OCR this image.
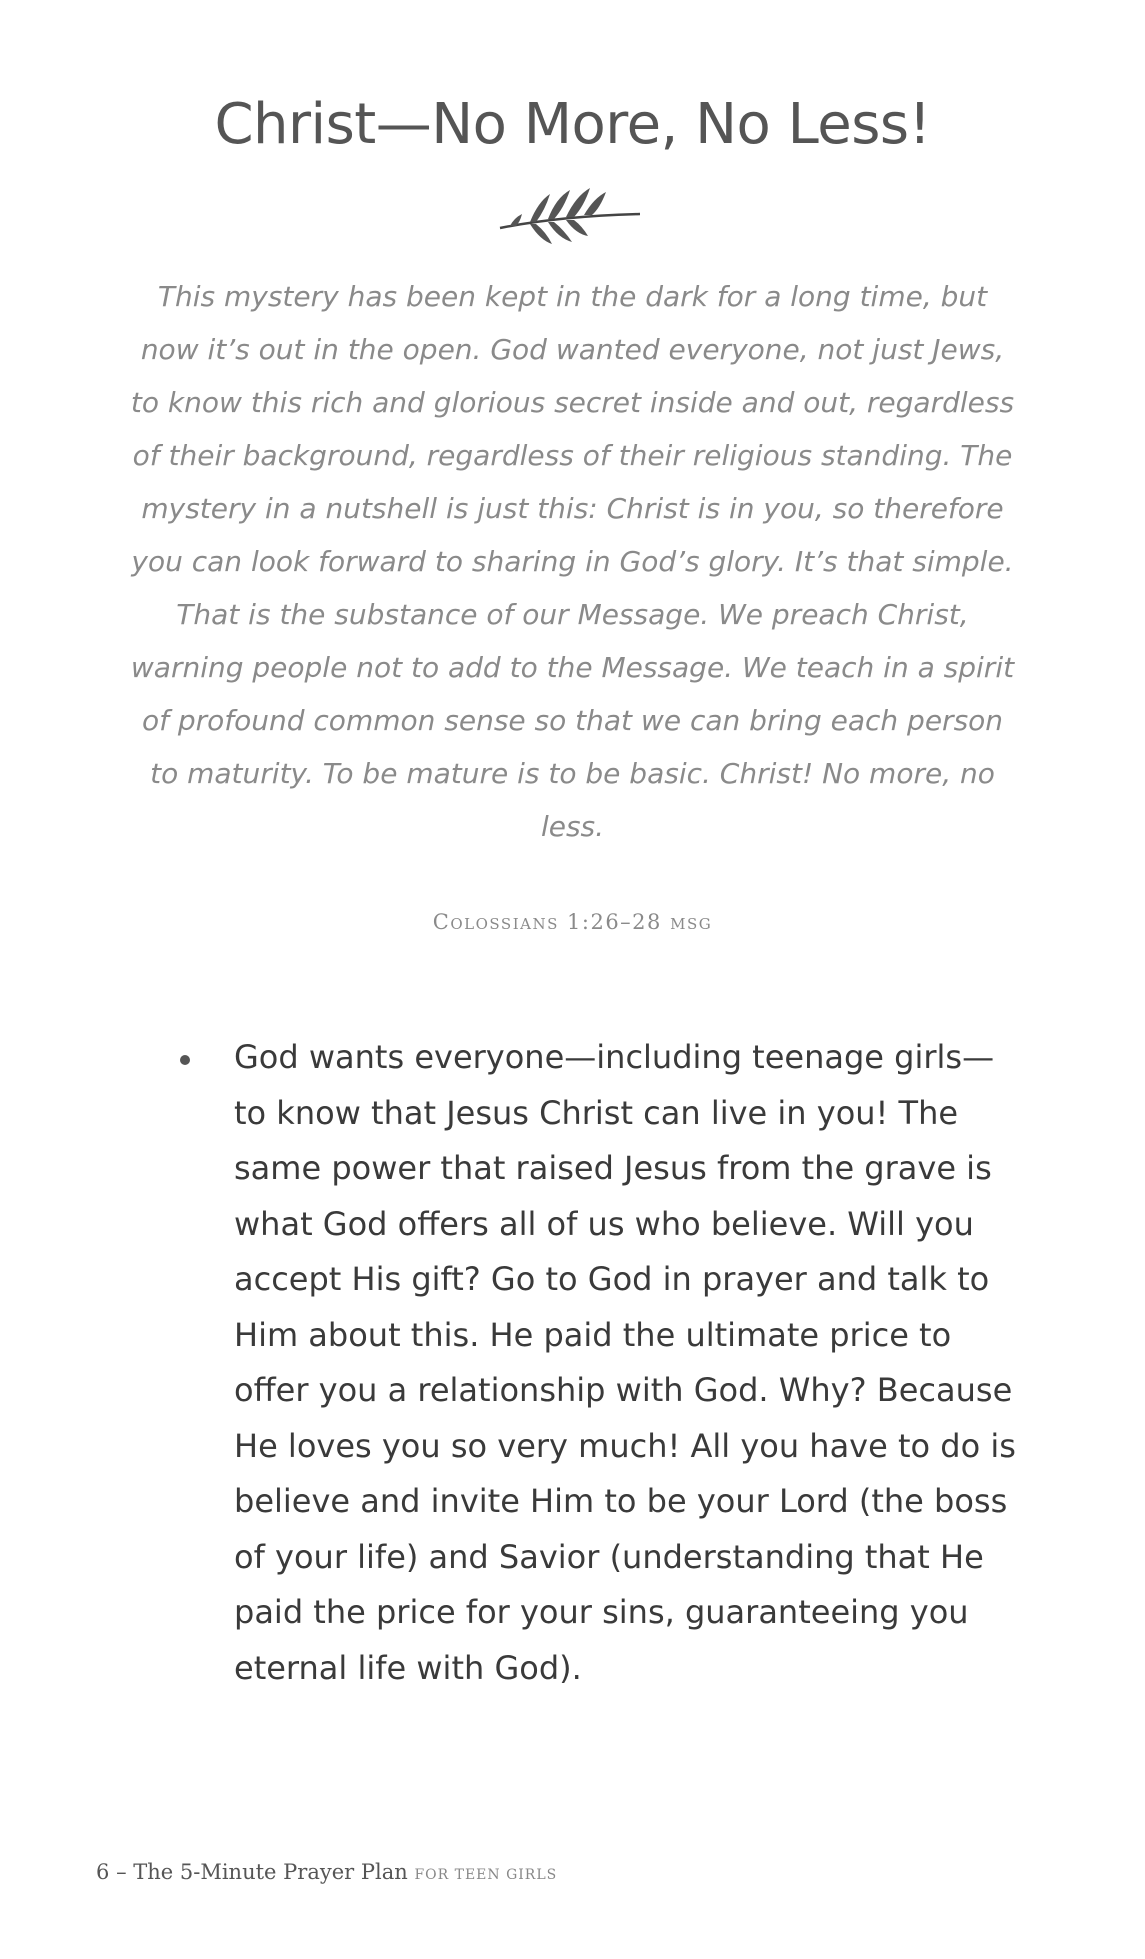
Christ—No More, No Less!

This mystery has been kept in the dark for a long time, but now it’s out in the open. God wanted everyone, not just Jews, to know this rich and glorious secret inside and out, regardless of their background, regardless of their religious standing. The mystery in a nutshell is just this: Christ is in you, so therefore you can look forward to sharing in God’s glory. It’s that simple. That is the substance of our Message. We preach Christ, warning people not to add to the Message. We teach in a spirit of profound common sense so that we can bring each person to maturity. To be mature is to be basic. Christ! No more, no less.

Colossians 1:26–28 msg

God wants everyone—including teenage girls—to know that Jesus Christ can live in you! The same power that raised Jesus from the grave is what God offers all of us who believe. Will you accept His gift? Go to God in prayer and talk to Him about this. He paid the ultimate price to offer you a relationship with God. Why? Because He loves you so very much! All you have to do is believe and invite Him to be your Lord (the boss of your life) and Savior (understanding that He paid the price for your sins, guaranteeing you eternal life with God).

6 – The 5-Minute Prayer Plan FOR TEEN GIRLS
